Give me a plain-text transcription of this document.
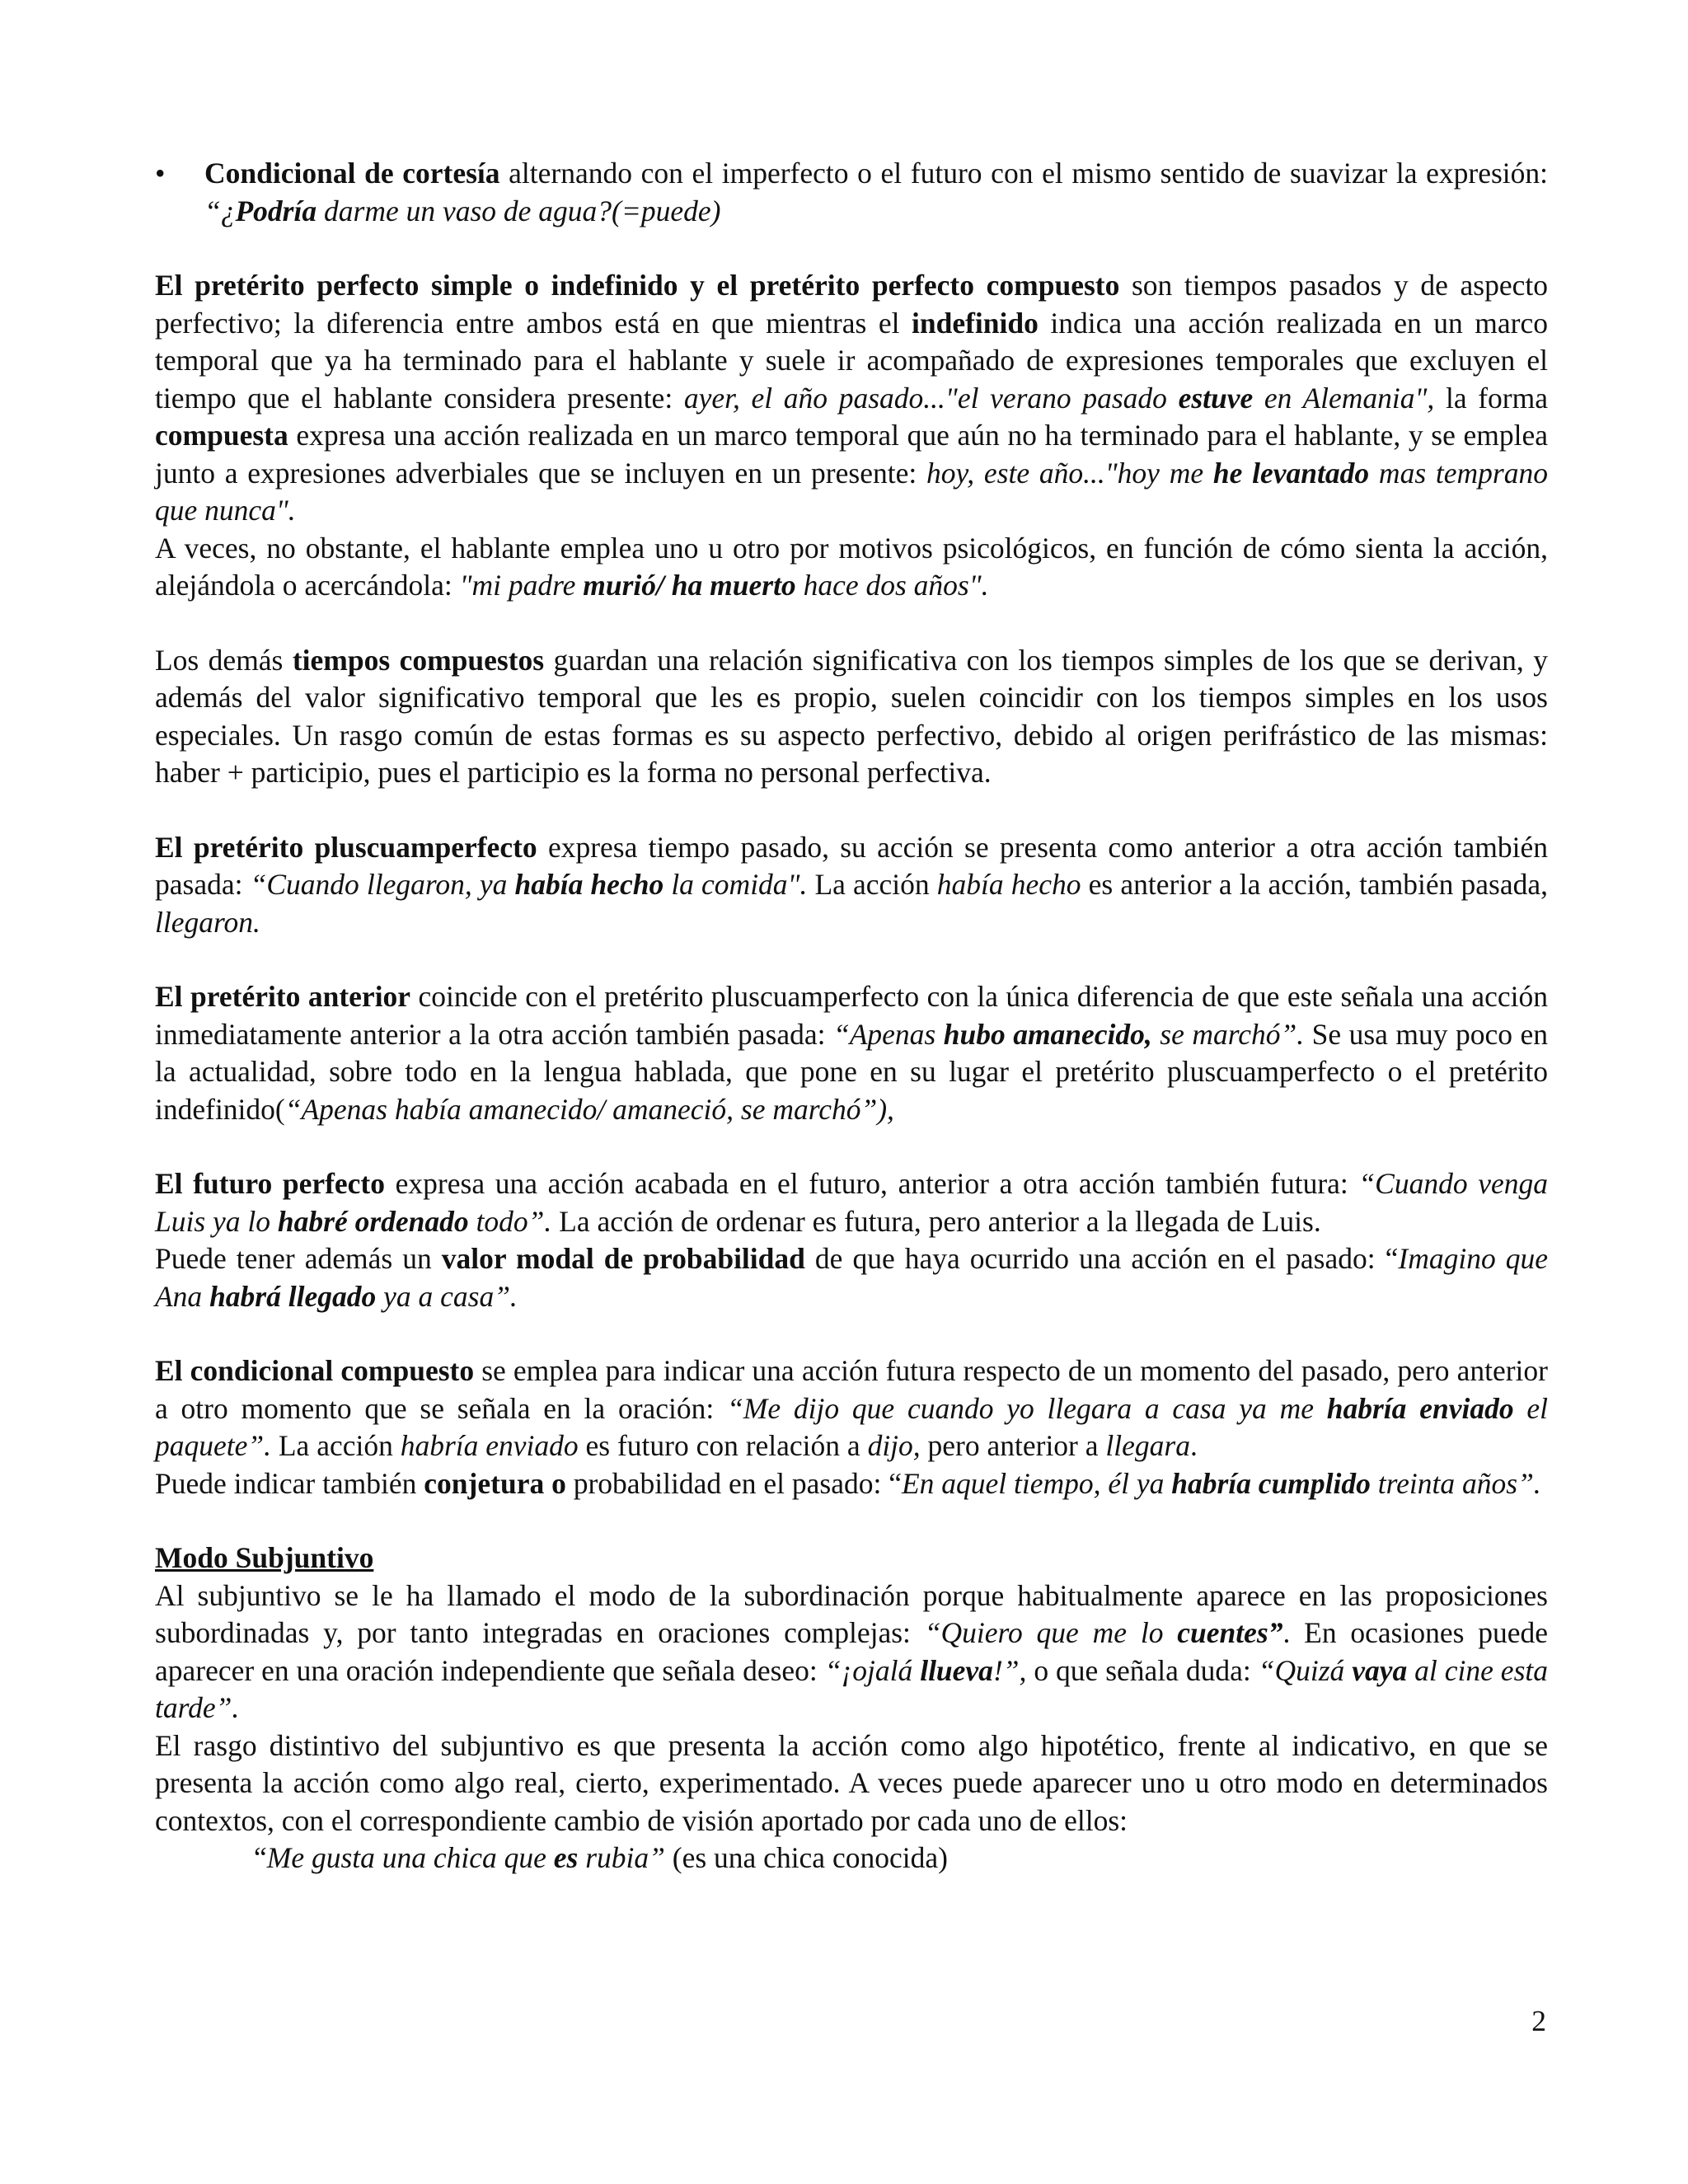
• Condicional de cortesía alternando con el imperfecto o el futuro con el mismo sentido de suavizar la expresión: “¿Podría darme un vaso de agua?(=puede)

El pretérito perfecto simple o indefinido y el pretérito perfecto compuesto son tiempos pasados y de aspecto perfectivo; la diferencia entre ambos está en que mientras el indefinido indica una acción realizada en un marco temporal que ya ha terminado para el hablante y suele ir acompañado de expresiones temporales que excluyen el tiempo que el hablante considera presente: ayer, el año pasado..."el verano pasado estuve en Alemania", la forma compuesta expresa una acción realizada en un marco temporal que aún no ha terminado para el hablante, y se emplea junto a expresiones adverbiales que se incluyen en un presente: hoy, este año..."hoy me he levantado mas temprano que nunca".

A veces, no obstante, el hablante emplea uno u otro por motivos psicológicos, en función de cómo sienta la acción, alejándola o acercándola: "mi padre murió/ ha muerto hace dos años".

Los demás tiempos compuestos guardan una relación significativa con los tiempos simples de los que se derivan, y además del valor significativo temporal que les es propio, suelen coincidir con los tiempos simples en los usos especiales. Un rasgo común de estas formas es su aspecto perfectivo, debido al origen perifrástico de las mismas: haber + participio, pues el participio es la forma no personal perfectiva.

El pretérito pluscuamperfecto expresa tiempo pasado, su acción se presenta como anterior a otra acción también pasada: “Cuando llegaron, ya había hecho la comida". La acción había hecho es anterior a la acción, también pasada, llegaron.

El pretérito anterior coincide con el pretérito pluscuamperfecto con la única diferencia de que este señala una acción inmediatamente anterior a la otra acción también pasada: “Apenas hubo amanecido, se marchó”. Se usa muy poco en la actualidad, sobre todo en la lengua hablada, que pone en su lugar el pretérito pluscuamperfecto o el pretérito indefinido(“Apenas había amanecido/ amaneció, se marchó”),

El futuro perfecto expresa una acción acabada en el futuro, anterior a otra acción también futura: “Cuando venga Luis ya lo habré ordenado todo”. La acción de ordenar es futura, pero anterior a la llegada de Luis.

Puede tener además un valor modal de probabilidad de que haya ocurrido una acción en el pasado: “Imagino que Ana habrá llegado ya a casa”.

El condicional compuesto se emplea para indicar una acción futura respecto de un momento del pasado, pero anterior a otro momento que se señala en la oración: “Me dijo que cuando yo llegara a casa ya me habría enviado el paquete”. La acción habría enviado es futuro con relación a dijo, pero anterior a llegara.

Puede indicar también conjetura o probabilidad en el pasado: “En aquel tiempo, él ya habría cumplido treinta años”.

Modo Subjuntivo

Al subjuntivo se le ha llamado el modo de la subordinación porque habitualmente aparece en las proposiciones subordinadas y, por tanto integradas en oraciones complejas: “Quiero que me lo cuentes”. En ocasiones puede aparecer en una oración independiente que señala deseo: “¡ojalá llueva!”, o que señala duda: “Quizá vaya al cine esta tarde”.

El rasgo distintivo del subjuntivo es que presenta la acción como algo hipotético, frente al indicativo, en que se presenta la acción como algo real, cierto, experimentado. A veces puede aparecer uno u otro modo en determinados contextos, con el correspondiente cambio de visión aportado por cada uno de ellos:

“Me gusta una chica que es rubia” (es una chica conocida)

2
